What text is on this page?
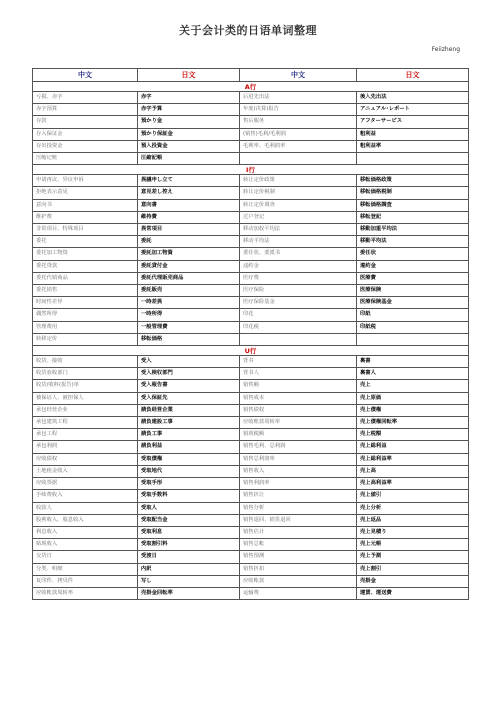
关于会计类的日语单词整理
Feiizheng
中文	日文	中文	日文
A行			
亏损、赤字	赤字	后进先出法	後入先出法
赤字预算	赤字予算	年度(决算)报告	アニュアル･レポート
存款	預かり金	售后服务	アフターサービス
存入保证金	預かり保証金	(销售)毛利/毛利润	粗利益
存出投资金	預入投資金	毛利率、毛利润率	粗利益率
压缩记账	圧縮記帳		
I行			
申请再议、异议申诉	異議申し立て	转让定价政策	移転価格政策
拒绝表示意见	意見差し控え	转让定价税制	移転価格税制
意向书	意向書	转让定价调查	移転価格調査
维护费	維持費	过户登记	移転登記
非常项目、特殊项目	異常項目	移动加权平均法	移動加重平均法
委托	委託	移动平均法	移動平均法
委托加工物资	委託加工物資	委任状、委派书	委任状
委托贷款	委託貸付金	违约金	違約金
委托代销商品	委託代理販売商品	医疗费	医療費
委托销售	委託販売	医疗保险	医療保険
时间性差异	一時差異	医疗保险基金	医療保険基金
偶然所得	一時所得	印花	印紙
管理费用	一般管理費	印花税	印紙税
转移定价	移転価格		
U行			
收货、接收	受入	背书	裏書
收货验收部门	受入検収部門	背书人	裏書人
收货/收料(报告)单	受入報告書	销售额	売上
被保证人、被担保人	受入保証先	销售成本	売上原価
承包经营企业	請負経営企業	销售债权	売上債権
承包建筑工程	請負建設工事	应收账款周转率	売上債権回転率
承包工程	請負工事	销项税额	売上税額
承包利润	請負利益	销售毛利、总利润	売上総利益
应收债权	受取債権	销售总利润率	売上総利益率
土地租金收入	受取地代	销售收入	売上高
应收票据	受取手形	销售利润率	売上高利益率
手续费收入	受取手数料	销售折让	売上値引
收款人	受取人	销售分析	売上分析
股利收入、股息收入	受取配当金	销售退回、销货退回	売上返品
利息收入	受取利息	销售估计	売上見積り
贴现收入	受取割引料	销售总帐	売上元帳
交货日	受渡日	销售预测	売上予測
分类、明细	内訳	销售折扣	売上割引
复印件、拷贝件	写し	应收帐款	売掛金
应收帐款周转率	売掛金回転率	运输费	運賃、運送費
